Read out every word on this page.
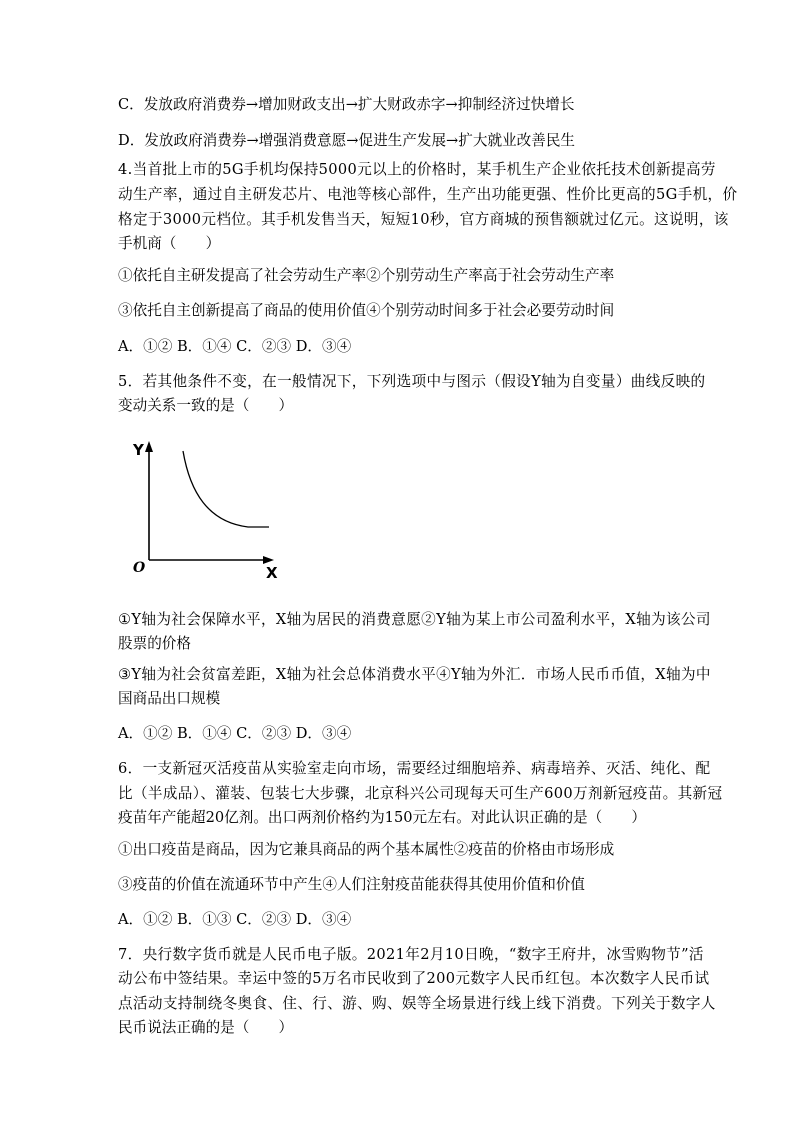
C．发放政府消费券→增加财政支出→扩大财政赤字→抑制经济过快增长
D．发放政府消费券→增强消费意愿→促进生产发展→扩大就业改善民生
4.当首批上市的5G手机均保持5000元以上的价格时，某手机生产企业依托技术创新提高劳
动生产率，通过自主研发芯片、电池等核心部件，生产出功能更强、性价比更高的5G手机，价
格定于3000元档位。其手机发售当天，短短10秒，官方商城的预售额就过亿元。这说明，该
手机商（　　）
①依托自主研发提高了社会劳动生产率②个别劳动生产率高于社会劳动生产率
③依托自主创新提高了商品的使用价值④个别劳动时间多于社会必要劳动时间
A．①② B．①④ C．②③ D．③④
5．若其他条件不变，在一般情况下，下列选项中与图示（假设Y轴为自变量）曲线反映的
变动关系一致的是（　　）
Y
X
O
①Y轴为社会保障水平，X轴为居民的消费意愿②Y轴为某上市公司盈利水平，X轴为该公司
股票的价格
③Y轴为社会贫富差距，X轴为社会总体消费水平④Y轴为外汇．市场人民币币值，X轴为中
国商品出口规模
A．①② B．①④ C．②③ D．③④
6．一支新冠灭活疫苗从实验室走向市场，需要经过细胞培养、病毒培养、灭活、纯化、配
比（半成品）、灌装、包装七大步骤，北京科兴公司现每天可生产600万剂新冠疫苗。其新冠
疫苗年产能超20亿剂。出口两剂价格约为150元左右。对此认识正确的是（　　）
①出口疫苗是商品，因为它兼具商品的两个基本属性②疫苗的价格由市场形成
③疫苗的价值在流通环节中产生④人们注射疫苗能获得其使用价值和价值
A．①② B．①③ C．②③ D．③④
7．央行数字货币就是人民币电子版。2021年2月10日晚，“数字王府井，冰雪购物节”活
动公布中签结果。幸运中签的5万名市民收到了200元数字人民币红包。本次数字人民币试
点活动支持制绕冬奥食、住、行、游、购、娱等全场景进行线上线下消费。下列关于数字人
民币说法正确的是（　　）
